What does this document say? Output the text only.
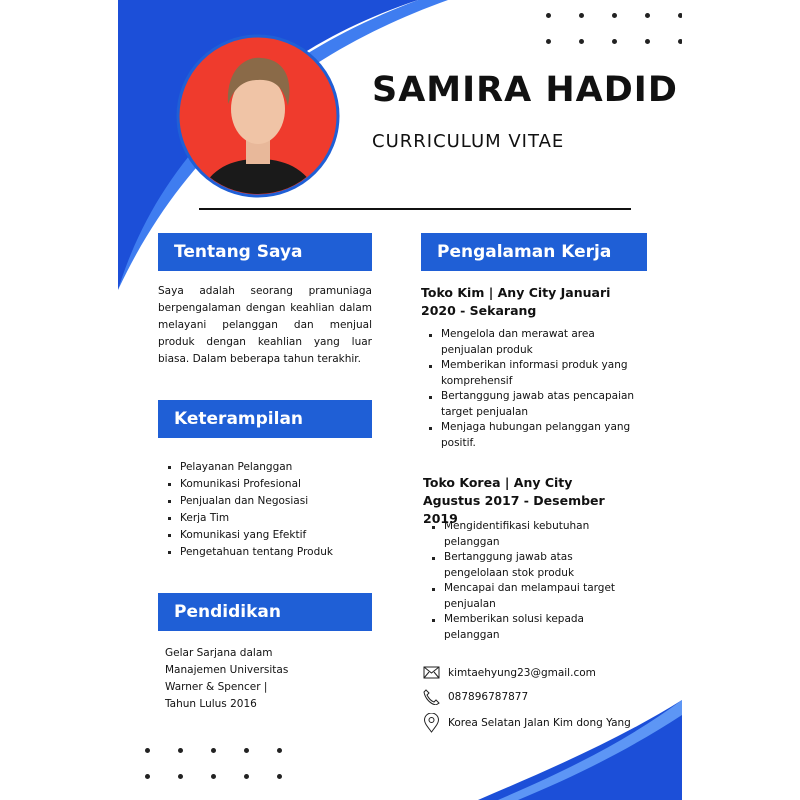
SAMIRA HADID
CURRICULUM VITAE
Tentang Saya
Saya adalah seorang pramuniaga berpengalaman dengan keahlian dalam melayani pelanggan dan menjual produk dengan keahlian yang luar biasa. Dalam beberapa tahun terakhir.
Keterampilan
Pelayanan Pelanggan
Komunikasi Profesional
Penjualan dan Negosiasi
Kerja Tim
Komunikasi yang Efektif
Pengetahuan tentang Produk
Pendidikan
Gelar Sarjana dalam
Manajemen Universitas
Warner & Spencer |
Tahun Lulus 2016
Pengalaman Kerja
Toko Kim | Any City Januari 2020 - Sekarang
Mengelola dan merawat area penjualan produk
Memberikan informasi produk yang komprehensif
Bertanggung jawab atas pencapaian target penjualan
Menjaga hubungan pelanggan yang positif.
Toko Korea | Any City Agustus 2017 - Desember 2019
Mengidentifikasi kebutuhan pelanggan
Bertanggung jawab atas pengelolaan stok produk
Mencapai dan melampaui target penjualan
Memberikan solusi kepada pelanggan
kimtaehyung23@gmail.com
087896787877
Korea Selatan Jalan Kim dong Yang
